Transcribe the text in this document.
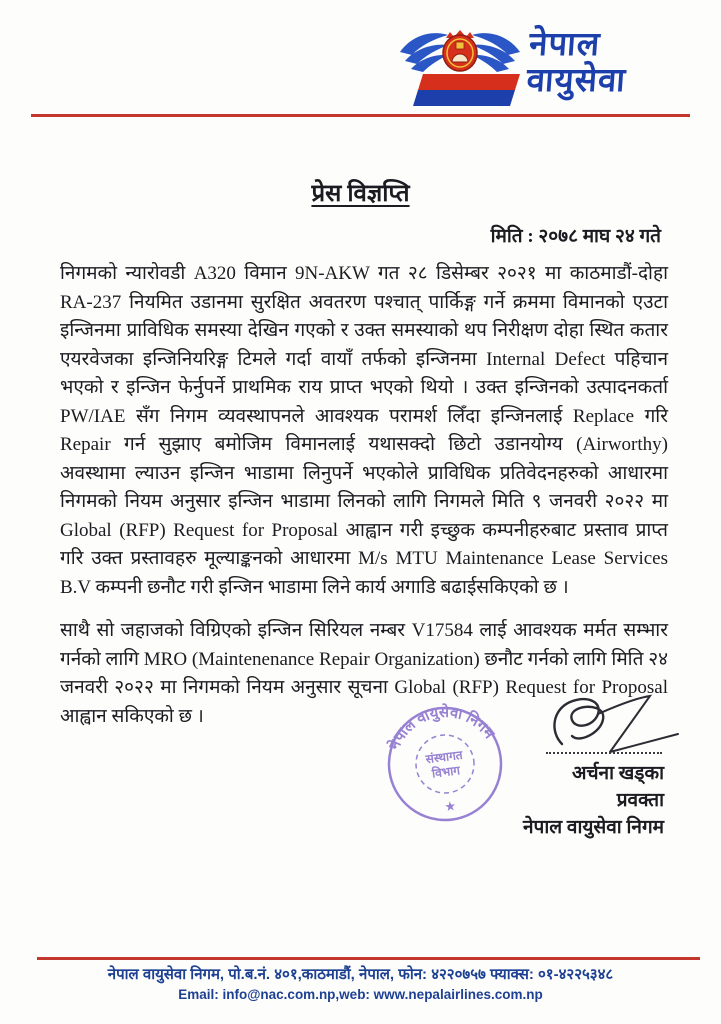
नेपाल
वायुसेवा
प्रेस विज्ञप्ति
मिति : २०७८ माघ २४ गते

निगमको न्यारोवडी A320 विमान 9N-AKW गत २८ डिसेम्बर २०२१ मा काठमाडौं-दोहा RA-237 नियमित उडानमा सुरक्षित अवतरण पश्चात् पार्किङ्ग गर्ने क्रममा विमानको एउटा इन्जिनमा प्राविधिक समस्या देखिन गएको र उक्त समस्याको थप निरीक्षण दोहा स्थित कतार एयरवेजका इन्जिनियरिङ्ग टिमले गर्दा वायाँ तर्फको इन्जिनमा Internal Defect पहिचान भएको र इन्जिन फेर्नुपर्ने प्राथमिक राय प्राप्त भएको थियो । उक्त इन्जिनको उत्पादनकर्ता PW/IAE सँग निगम व्यवस्थापनले आवश्यक परामर्श लिँदा इन्जिनलाई Replace गरि Repair गर्न सुझाए बमोजिम विमानलाई यथासक्दो छिटो उडानयोग्य (Airworthy) अवस्थामा ल्याउन इन्जिन भाडामा लिनुपर्ने भएकोले प्राविधिक प्रतिवेदनहरुको आधारमा निगमको नियम अनुसार इन्जिन भाडामा लिनको लागि निगमले मिति ९ जनवरी २०२२ मा Global (RFP) Request for Proposal आह्वान गरी इच्छुक कम्पनीहरुबाट प्रस्ताव प्राप्त गरि उक्त प्रस्तावहरु मूल्याङ्कनको आधारमा M/s MTU Maintenance Lease Services B.V कम्पनी छनौट गरी इन्जिन भाडामा लिने कार्य अगाडि बढाईसकिएको छ ।

साथै सो जहाजको विग्रिएको इन्जिन सिरियल नम्बर V17584 लाई आवश्यक मर्मत सम्भार गर्नको लागि MRO (Maintenenance Repair Organization) छनौट गर्नको लागि मिति २४ जनवरी २०२२ मा निगमको नियम अनुसार सूचना Global (RFP) Request for Proposal आह्वान सकिएको छ ।

नेपाल वायुसेवा निगम
संस्थागत
विभाग
★
अर्चना खड्का
प्रवक्ता
नेपाल वायुसेवा निगम
नेपाल वायुसेवा निगम, पो.ब.नं. ४०१,काठमाडौं, नेपाल, फोन: ४२२०७५७ फ्याक्स: ०१-४२२५३४८
Email: info@nac.com.np,web: www.nepalairlines.com.np
